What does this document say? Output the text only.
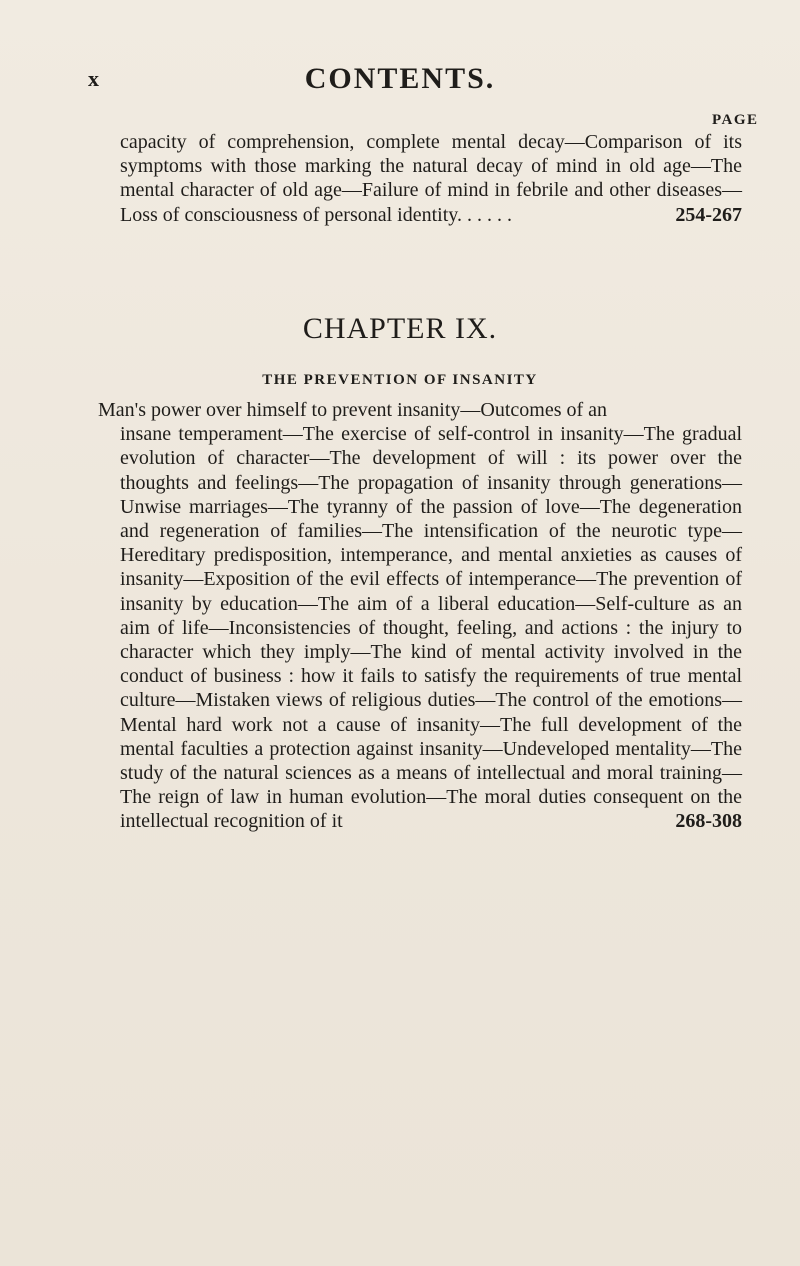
x	CONTENTS.
PAGE
capacity of comprehension, complete mental decay—Comparison of its symptoms with those marking the natural decay of mind in old age—The mental character of old age—Failure of mind in febrile and other diseases—Loss of consciousness of personal identity. . . . . .	254-267
CHAPTER IX.
THE PREVENTION OF INSANITY
Man's power over himself to prevent insanity—Outcomes of an
insane temperament—The exercise of self-control in insanity—The gradual evolution of character—The development of will : its power over the thoughts and feelings—The propagation of insanity through generations—Unwise marriages—The tyranny of the passion of love—The degeneration and regeneration of families—The intensification of the neurotic type—Hereditary predisposition, intemperance, and mental anxieties as causes of insanity—Exposition of the evil effects of intemperance—The prevention of insanity by education—The aim of a liberal education—Self-culture as an aim of life—Inconsistencies of thought, feeling, and actions : the injury to character which they imply—The kind of mental activity involved in the conduct of business : how it fails to satisfy the requirements of true mental culture—Mistaken views of religious duties—The control of the emotions—Mental hard work not a cause of insanity—The full development of the mental faculties a protection against insanity—Undeveloped mentality—The study of the natural sciences as a means of intellectual and moral training—The reign of law in human evolution—The moral duties consequent on the intellectual recognition of it	268-308
